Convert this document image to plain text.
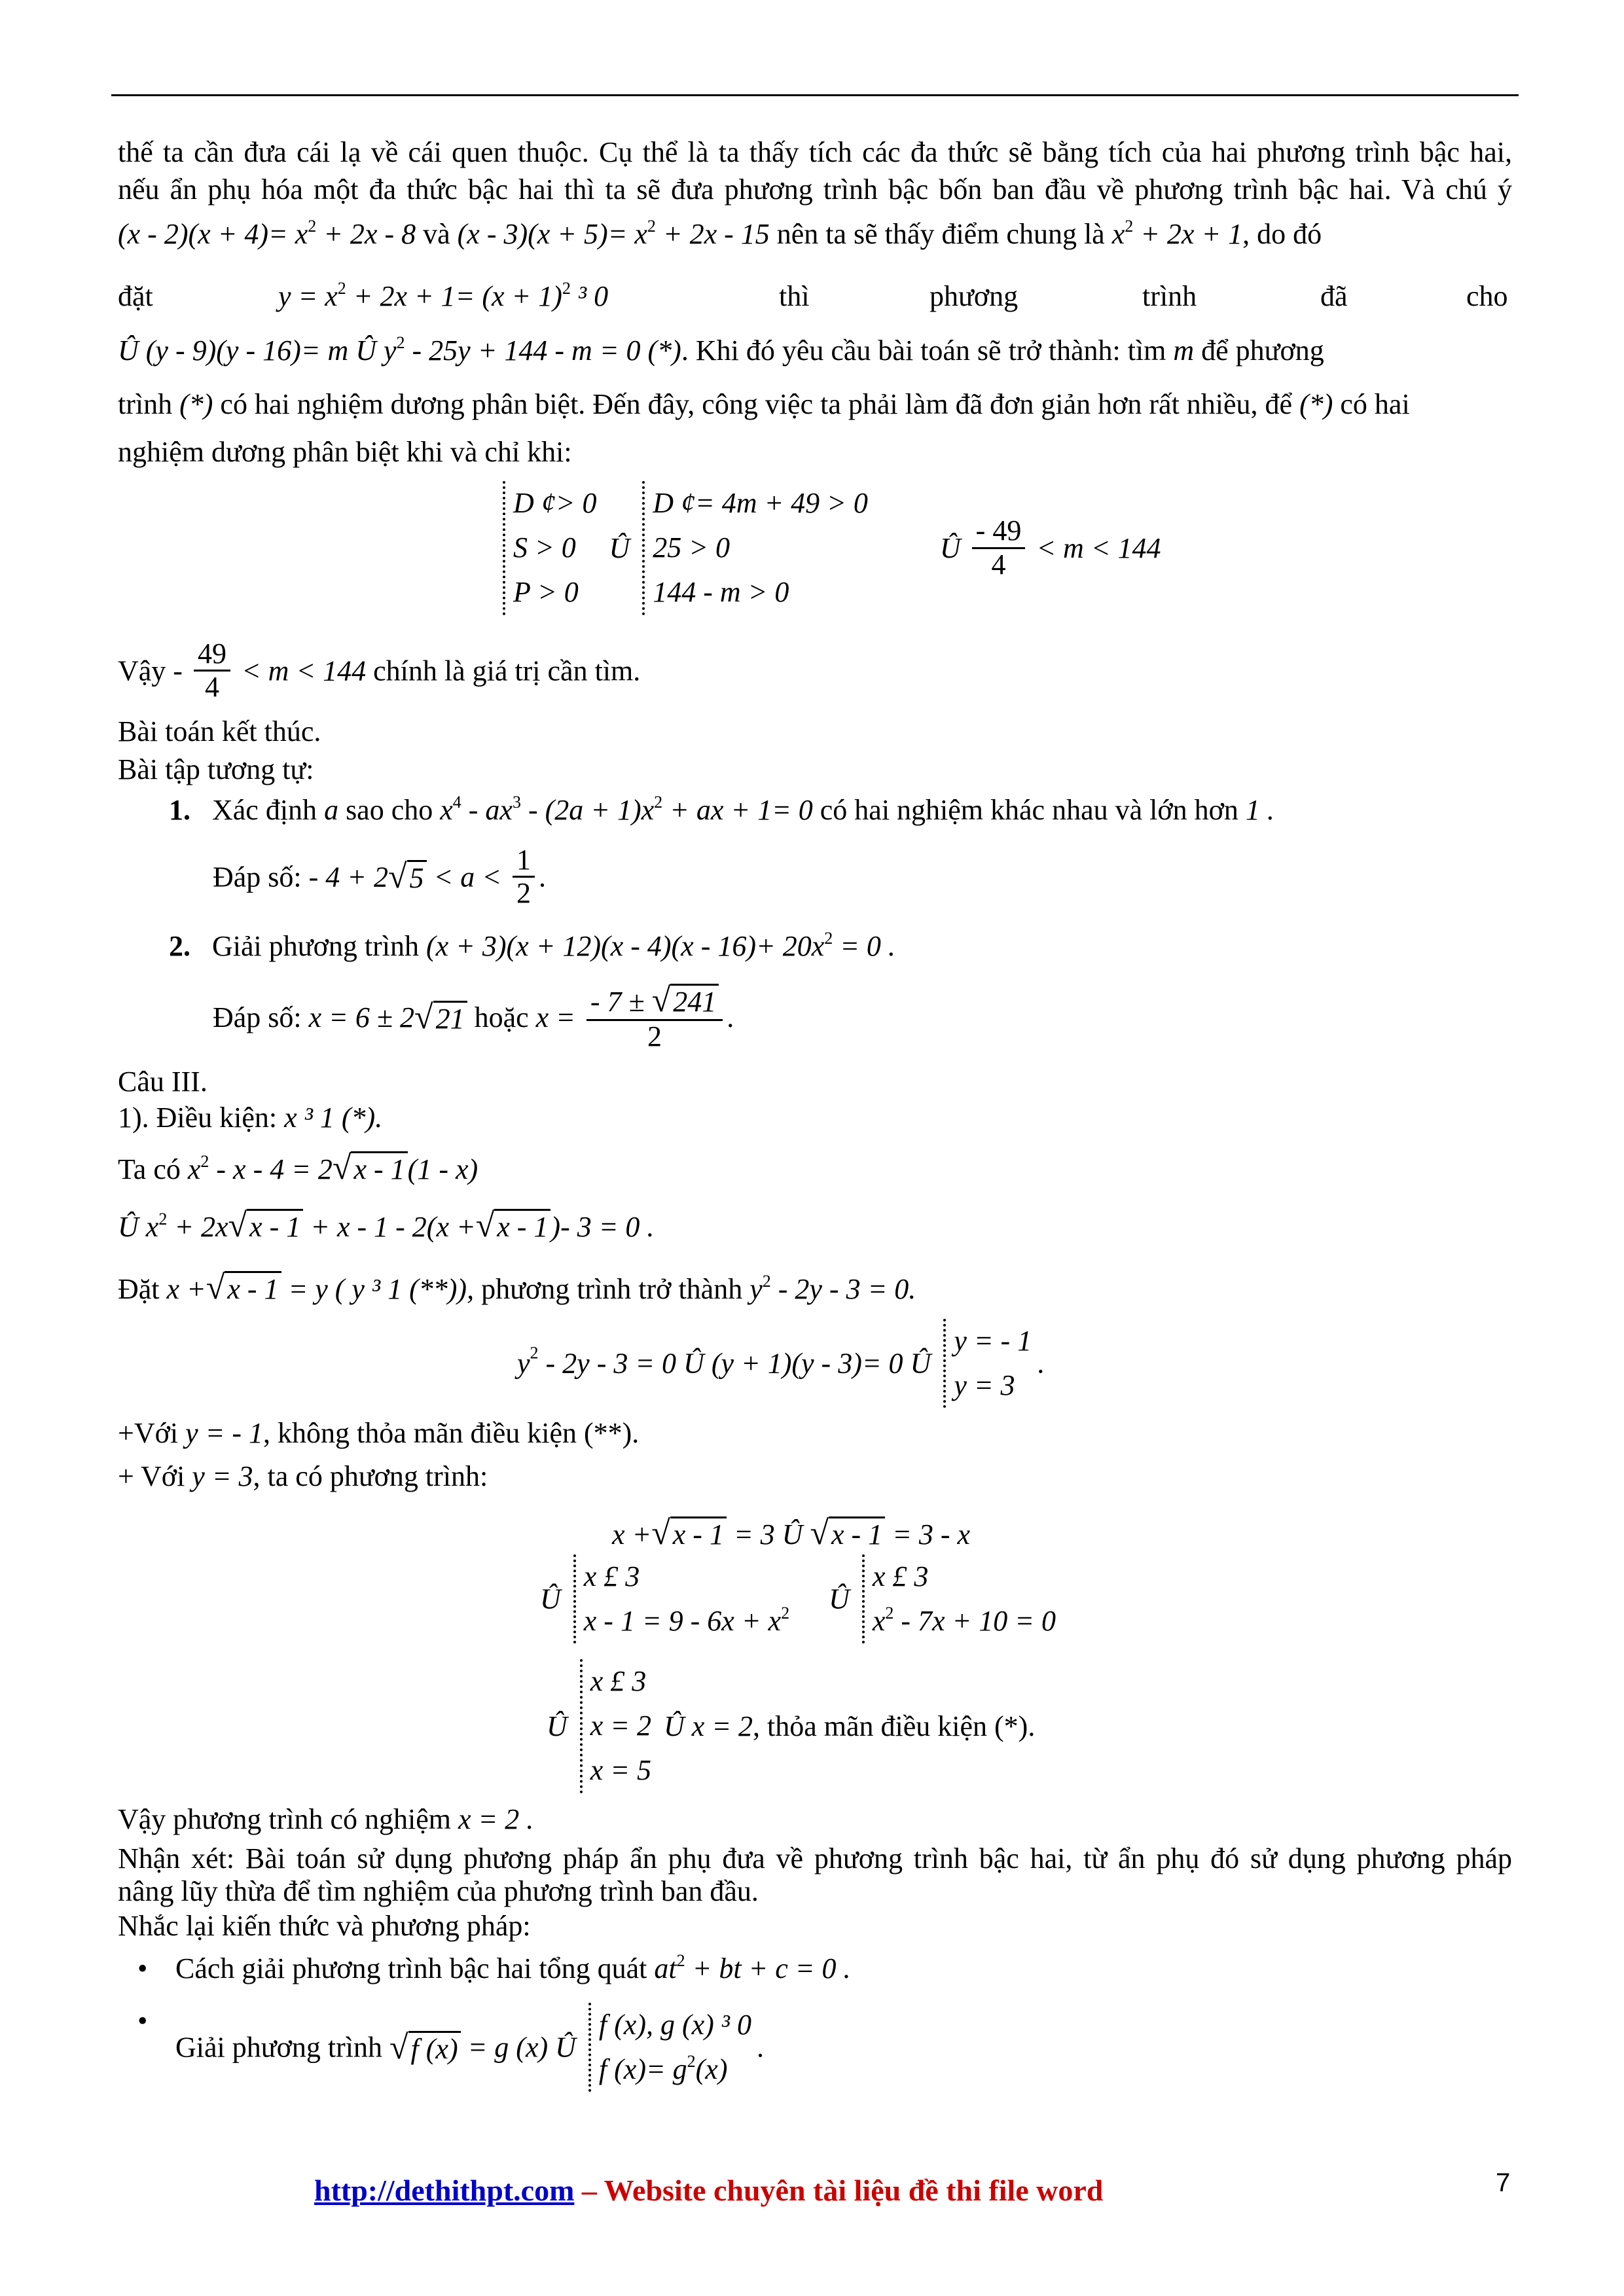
thế ta cần đưa cái lạ về cái quen thuộc. Cụ thể là ta thấy tích các đa thức sẽ bằng tích của hai phương trình bậc hai,
nếu ẩn phụ hóa một đa thức bậc hai thì ta sẽ đưa phương trình bậc bốn ban đầu về phương trình bậc hai. Và chú ý
$(x - 2)(x + 4)= x^2 + 2x - 8$ và $(x - 3)(x + 5)= x^2 + 2x - 15$ nên ta sẽ thấy điểm chung là $x^2 + 2x + 1$, do đó
đặt	$y = x^2 + 2x + 1= (x + 1)^2$ ³ 0	thì	phương	trình	đã	cho
Û (y - 9)(y - 16)= m Û $y^2 - 25y + 144 - m = 0$ (*). Khi đó yêu cầu bài toán sẽ trở thành: tìm m để phương
trình (*) có hai nghiệm dương phân biệt. Đến đây, công việc ta phải làm đã đơn giản hơn rất nhiều, để (*) có hai
nghiệm dương phân biệt khi và chỉ khi:
D ¢> 0
S > 0
P > 0
Û
D ¢= 4m + 49 > 0
25 > 0
144 - m > 0
Û $\frac{- 49}{4} < m < 144$
Vậy - $\frac{49}{4} < m < 144$ chính là giá trị cần tìm.
Bài toán kết thúc.
Bài tập tương tự:
1. Xác định a sao cho $x^4 - ax^3 - (2a + 1)x^2$ + ax + 1= 0 có hai nghiệm khác nhau và lớn hơn 1 .
Đáp số: - $4 + 2√5 < a < \frac{1}{2}$ .
2. Giải phương trình $(x + 3)(x + 12)(x - 4)(x - 16)+ 20x^2 = 0$ .
Đáp số: x = 6 ± 2√21 hoặc $x = \frac{- 7 \pm √241}{2}$ .
Câu III.
1). Điều kiện: x ³ 1 (*).
Ta có $x^2 - x - 4 = 2√x - 1(1 - x)$
Û $x^2 + 2x√x - 1 + x - 1 - 2(x +√x - 1)-$ 3 = 0 .
Đặt x +√x - 1 = y ( y ³ 1 (**)), phương trình trở thành $y^2 - 2y - 3 = 0$.
$y^2 - 2y - 3 = 0$ Û (y + 1)(y - 3)= 0 Û
y = - 1
y = 3
.
+Với y = - 1, không thỏa mãn điều kiện (**).
+ Với y = 3, ta có phương trình:
x +√x - 1 = 3 Û √x - 1 = 3 - x
Û
x £ 3
$x - 1 = 9 - 6x + x^2$ Û
x £ 3
$x^2 - 7x + 10 = 0$
Û
x £ 3
x = 2
x = 5
Û x = 2, thỏa mãn điều kiện (*).
Vậy phương trình có nghiệm x = 2 .
Nhận xét: Bài toán sử dụng phương pháp ẩn phụ đưa về phương trình bậc hai, từ ẩn phụ đó sử dụng phương pháp
nâng lũy thừa để tìm nghiệm của phương trình ban đầu.
Nhắc lại kiến thức và phương pháp:
• Cách giải phương trình bậc hai tổng quát $at^2$ + bt + c = 0 .
• Giải phương trình √f (x) = g (x) Û
f (x), g (x) ³ 0
f $(x)= g^2(x)$
.
http://dethithpt.com – Website chuyên tài liệu đề thi file word	7
